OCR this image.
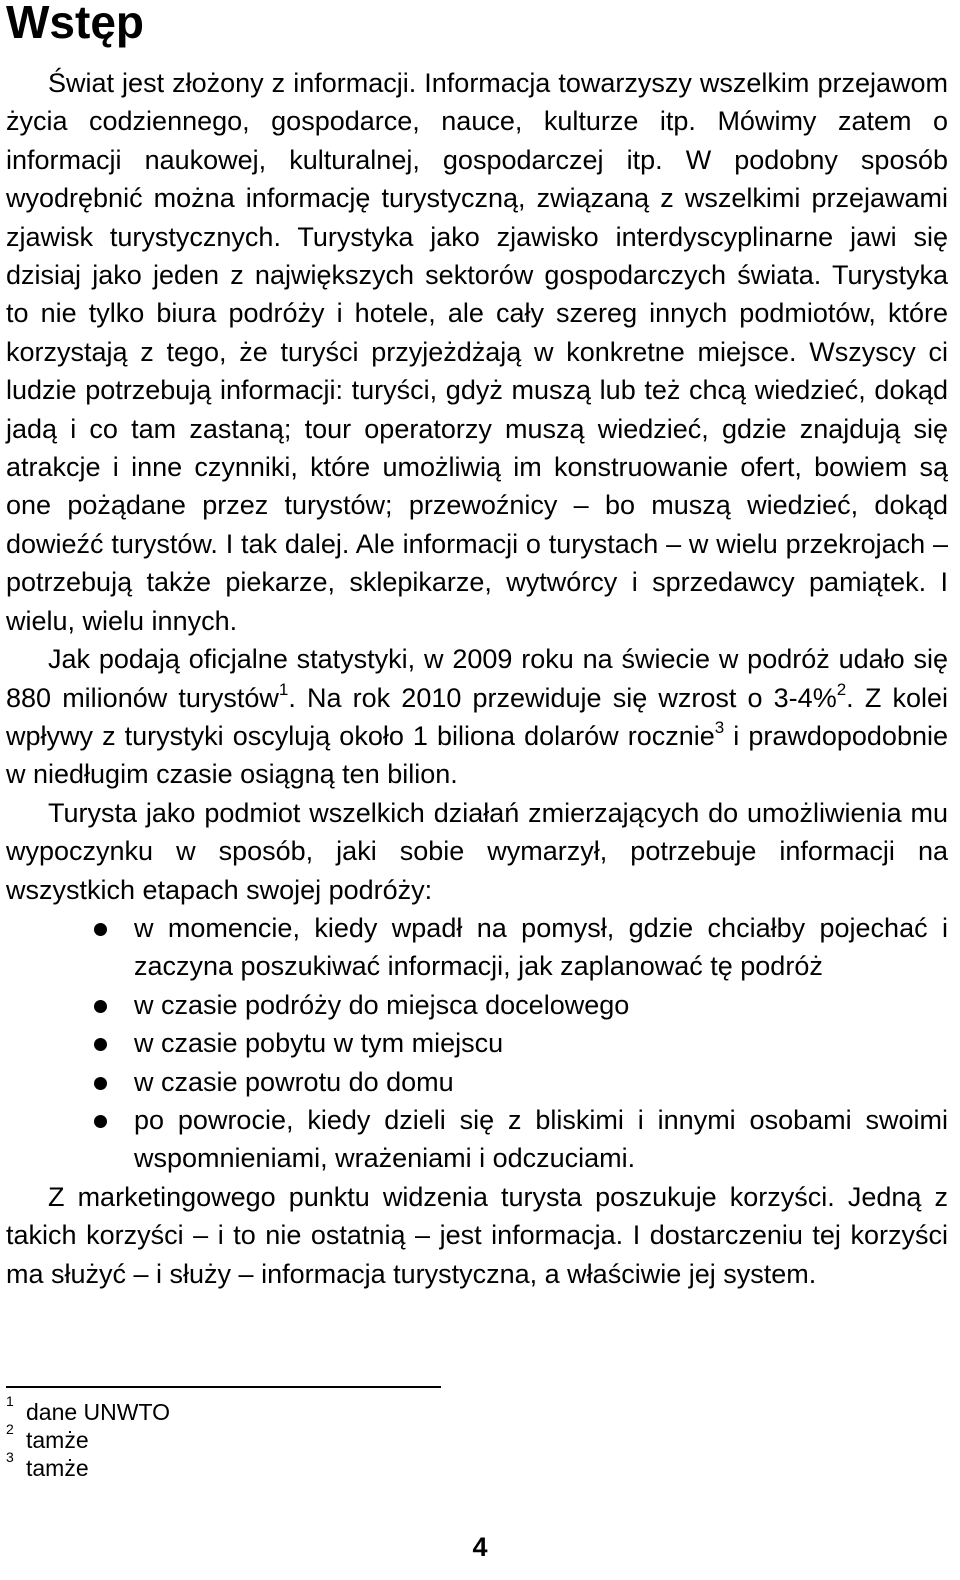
Wstęp

Świat jest złożony z informacji. Informacja towarzyszy wszelkim przejawom życia codziennego, gospodarce, nauce, kulturze itp. Mówimy zatem o informacji naukowej, kulturalnej, gospodarczej itp. W podobny sposób wyodrębnić można informację turystyczną, związaną z wszelkimi przejawami zjawisk turystycznych. Turystyka jako zjawisko interdyscyplinarne jawi się dzisiaj jako jeden z największych sektorów gospodarczych świata. Turystyka to nie tylko biura podróży i hotele, ale cały szereg innych podmiotów, które korzystają z tego, że turyści przyjeżdżają w konkretne miejsce. Wszyscy ci ludzie potrzebują informacji: turyści, gdyż muszą lub też chcą wiedzieć, dokąd jadą i co tam zastaną; tour operatorzy muszą wiedzieć, gdzie znajdują się atrakcje i inne czynniki, które umożliwią im konstruowanie ofert, bowiem są one pożądane przez turystów; przewoźnicy – bo muszą wiedzieć, dokąd dowieźć turystów. I tak dalej. Ale informacji o turystach – w wielu przekrojach – potrzebują także piekarze, sklepikarze, wytwórcy i sprzedawcy pamiątek. I wielu, wielu innych.

Jak podają oficjalne statystyki, w 2009 roku na świecie w podróż udało się 880 milionów turystów$^1$. Na rok 2010 przewiduje się wzrost o 3-4%$^2$. Z kolei wpływy z turystyki oscylują około 1 biliona dolarów rocznie$^3$ i prawdopodobnie w niedługim czasie osiągną ten bilion.

Turysta jako podmiot wszelkich działań zmierzających do umożliwienia mu wypoczynku w sposób, jaki sobie wymarzył, potrzebuje informacji na wszystkich etapach swojej podróży:

w momencie, kiedy wpadł na pomysł, gdzie chciałby pojechać i zaczyna poszukiwać informacji, jak zaplanować tę podróż
w czasie podróży do miejsca docelowego
w czasie pobytu w tym miejscu
w czasie powrotu do domu
po powrocie, kiedy dzieli się z bliskimi i innymi osobami swoimi wspomnieniami, wrażeniami i odczuciami.

Z marketingowego punktu widzenia turysta poszukuje korzyści. Jedną z takich korzyści – i to nie ostatnią – jest informacja. I dostarczeniu tej korzyści ma służyć – i służy – informacja turystyczna, a właściwie jej system.

1 dane UNWTO
2 tamże
3 tamże
4
